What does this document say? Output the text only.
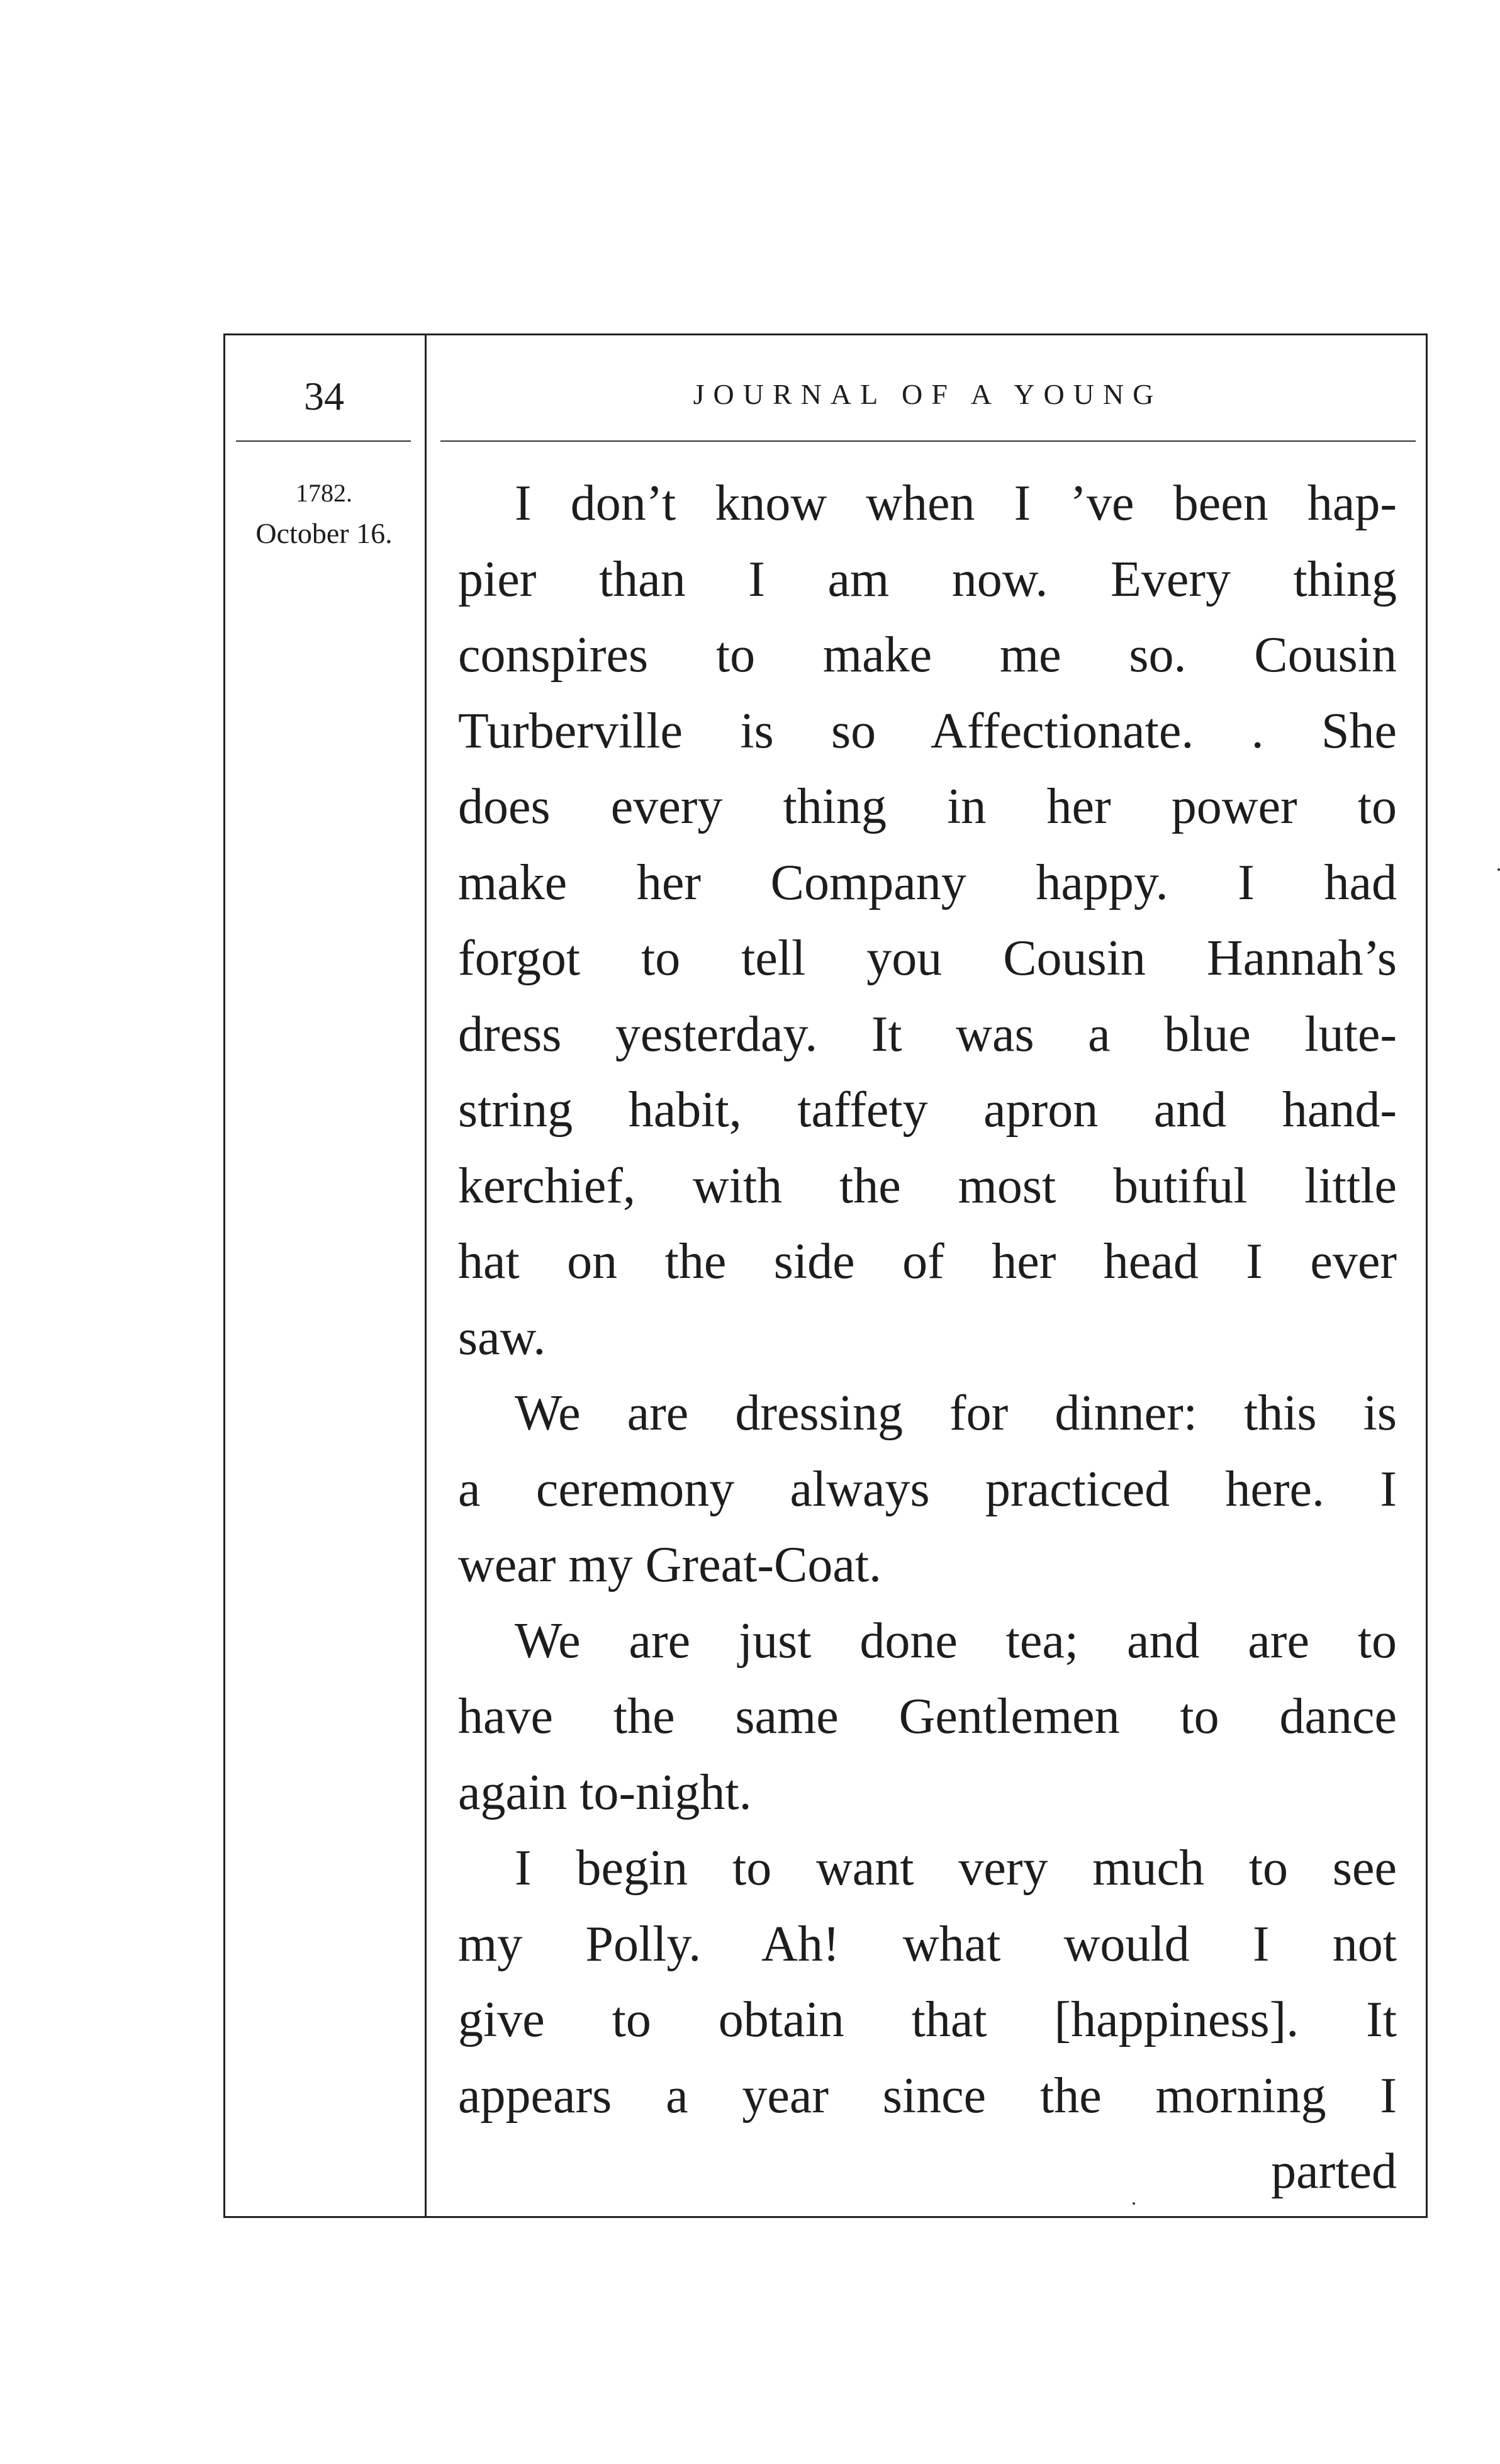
34	JOURNAL OF A YOUNG
1782.
October 16.
I don’t know when I ’ve been hap-
pier than I am now. Every thing
conspires to make me so. Cousin
Turberville is so Affectionate. . She
does every thing in her power to
make her Company happy. I had
forgot to tell you Cousin Hannah’s
dress yesterday. It was a blue lute-
string habit, taffety apron and hand-
kerchief, with the most butiful little
hat on the side of her head I ever
saw.
We are dressing for dinner: this is
a ceremony always practiced here. I
wear my Great-Coat.
We are just done tea; and are to
have the same Gentlemen to dance
again to-night.
I begin to want very much to see
my Polly. Ah! what would I not
give to obtain that [happiness]. It
appears a year since the morning I
parted
